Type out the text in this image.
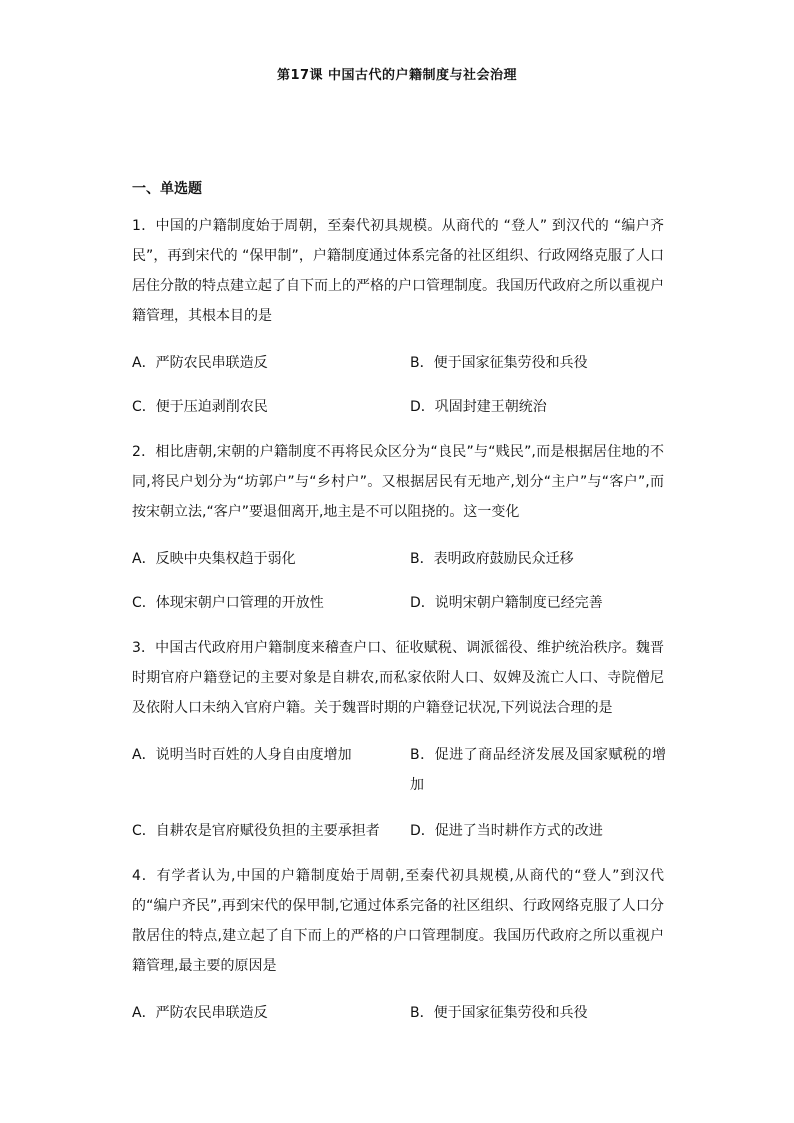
第17课 中国古代的户籍制度与社会治理
一、单选题
1．中国的户籍制度始于周朝，至秦代初具规模。从商代的 “登人” 到汉代的 “编户齐民”，再到宋代的 “保甲制”，户籍制度通过体系完备的社区组织、行政网络克服了人口居住分散的特点建立起了自下而上的严格的户口管理制度。我国历代政府之所以重视户籍管理，其根本目的是
A．严防农民串联造反	B．便于国家征集劳役和兵役
C．便于压迫剥削农民	D．巩固封建王朝统治
2．相比唐朝,宋朝的户籍制度不再将民众区分为“良民”与“贱民”,而是根据居住地的不同,将民户划分为“坊郭户”与“乡村户”。又根据居民有无地产,划分“主户”与“客户”,而按宋朝立法,“客户”要退佃离开,地主是不可以阻挠的。这一变化
A．反映中央集权趋于弱化	B．表明政府鼓励民众迁移
C．体现宋朝户口管理的开放性	D．说明宋朝户籍制度已经完善
3．中国古代政府用户籍制度来稽查户口、征收赋税、调派徭役、维护统治秩序。魏晋时期官府户籍登记的主要对象是自耕农,而私家依附人口、奴婢及流亡人口、寺院僧尼及依附人口未纳入官府户籍。关于魏晋时期的户籍登记状况,下列说法合理的是
A．说明当时百姓的人身自由度增加	B．促进了商品经济发展及国家赋税的增加
C．自耕农是官府赋役负担的主要承担者 D．促进了当时耕作方式的改进
4．有学者认为,中国的户籍制度始于周朝,至秦代初具规模,从商代的“登人”到汉代的“编户齐民”,再到宋代的保甲制,它通过体系完备的社区组织、行政网络克服了人口分散居住的特点,建立起了自下而上的严格的户口管理制度。我国历代政府之所以重视户籍管理,最主要的原因是
A．严防农民串联造反	B．便于国家征集劳役和兵役
